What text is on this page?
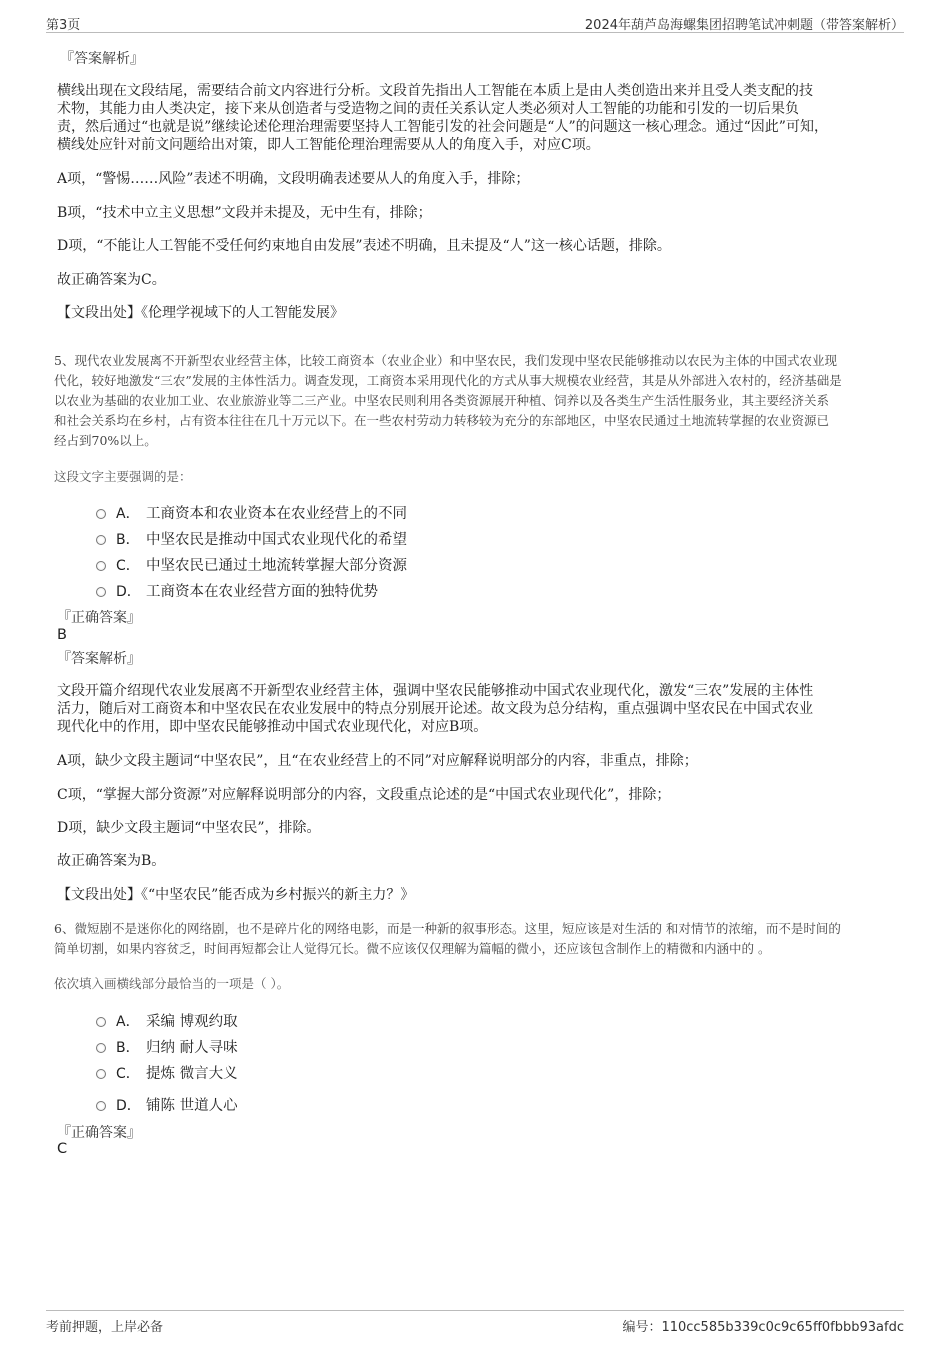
第3页	2024年葫芦岛海螺集团招聘笔试冲刺题（带答案解析）
『答案解析』
横线出现在文段结尾，需要结合前文内容进行分析。文段首先指出人工智能在本质上是由人类创造出来并且受人类支配的技
术物，其能力由人类决定，接下来从创造者与受造物之间的责任关系认定人类必须对人工智能的功能和引发的一切后果负
责，然后通过“也就是说”继续论述伦理治理需要坚持人工智能引发的社会问题是“人”的问题这一核心理念。通过“因此”可知，
横线处应针对前文问题给出对策，即人工智能伦理治理需要从人的角度入手，对应C项。
A项，“警惕……风险”表述不明确，文段明确表述要从人的角度入手，排除；
B项，“技术中立主义思想”文段并未提及，无中生有，排除；
D项，“不能让人工智能不受任何约束地自由发展”表述不明确，且未提及“人”这一核心话题，排除。
故正确答案为C。
【文段出处】《伦理学视域下的人工智能发展》
5、现代农业发展离不开新型农业经营主体，比较工商资本（农业企业）和中坚农民，我们发现中坚农民能够推动以农民为主体的中国式农业现
代化，较好地激发“三农”发展的主体性活力。调查发现，工商资本采用现代化的方式从事大规模农业经营，其是从外部进入农村的，经济基础是
以农业为基础的农业加工业、农业旅游业等二三产业。中坚农民则利用各类资源展开种植、饲养以及各类生产生活性服务业，其主要经济关系
和社会关系均在乡村，占有资本往往在几十万元以下。在一些农村劳动力转移较为充分的东部地区，中坚农民通过土地流转掌握的农业资源已
经占到70%以上。
这段文字主要强调的是：
A． 工商资本和农业资本在农业经营上的不同
B． 中坚农民是推动中国式农业现代化的希望
C． 中坚农民已通过土地流转掌握大部分资源
D． 工商资本在农业经营方面的独特优势
『正确答案』
B
『答案解析』
文段开篇介绍现代农业发展离不开新型农业经营主体，强调中坚农民能够推动中国式农业现代化，激发“三农”发展的主体性
活力，随后对工商资本和中坚农民在农业发展中的特点分别展开论述。故文段为总分结构，重点强调中坚农民在中国式农业
现代化中的作用，即中坚农民能够推动中国式农业现代化，对应B项。
A项，缺少文段主题词“中坚农民”，且“在农业经营上的不同”对应解释说明部分的内容，非重点，排除；
C项，“掌握大部分资源”对应解释说明部分的内容，文段重点论述的是“中国式农业现代化”，排除；
D项，缺少文段主题词“中坚农民”，排除。
故正确答案为B。
【文段出处】《“中坚农民”能否成为乡村振兴的新主力？》
6、微短剧不是迷你化的网络剧，也不是碎片化的网络电影，而是一种新的叙事形态。这里，短应该是对生活的 和对情节的浓缩，而不是时间的
简单切割，如果内容贫乏，时间再短都会让人觉得冗长。微不应该仅仅理解为篇幅的微小，还应该包含制作上的精微和内涵中的 。
依次填入画横线部分最恰当的一项是（ ）。
A． 采编 博观约取
B． 归纳 耐人寻味
C． 提炼 微言大义
D． 铺陈 世道人心
『正确答案』
C
考前押题，上岸必备	编号：110cc585b339c0c9c65ff0fbbb93afdc
